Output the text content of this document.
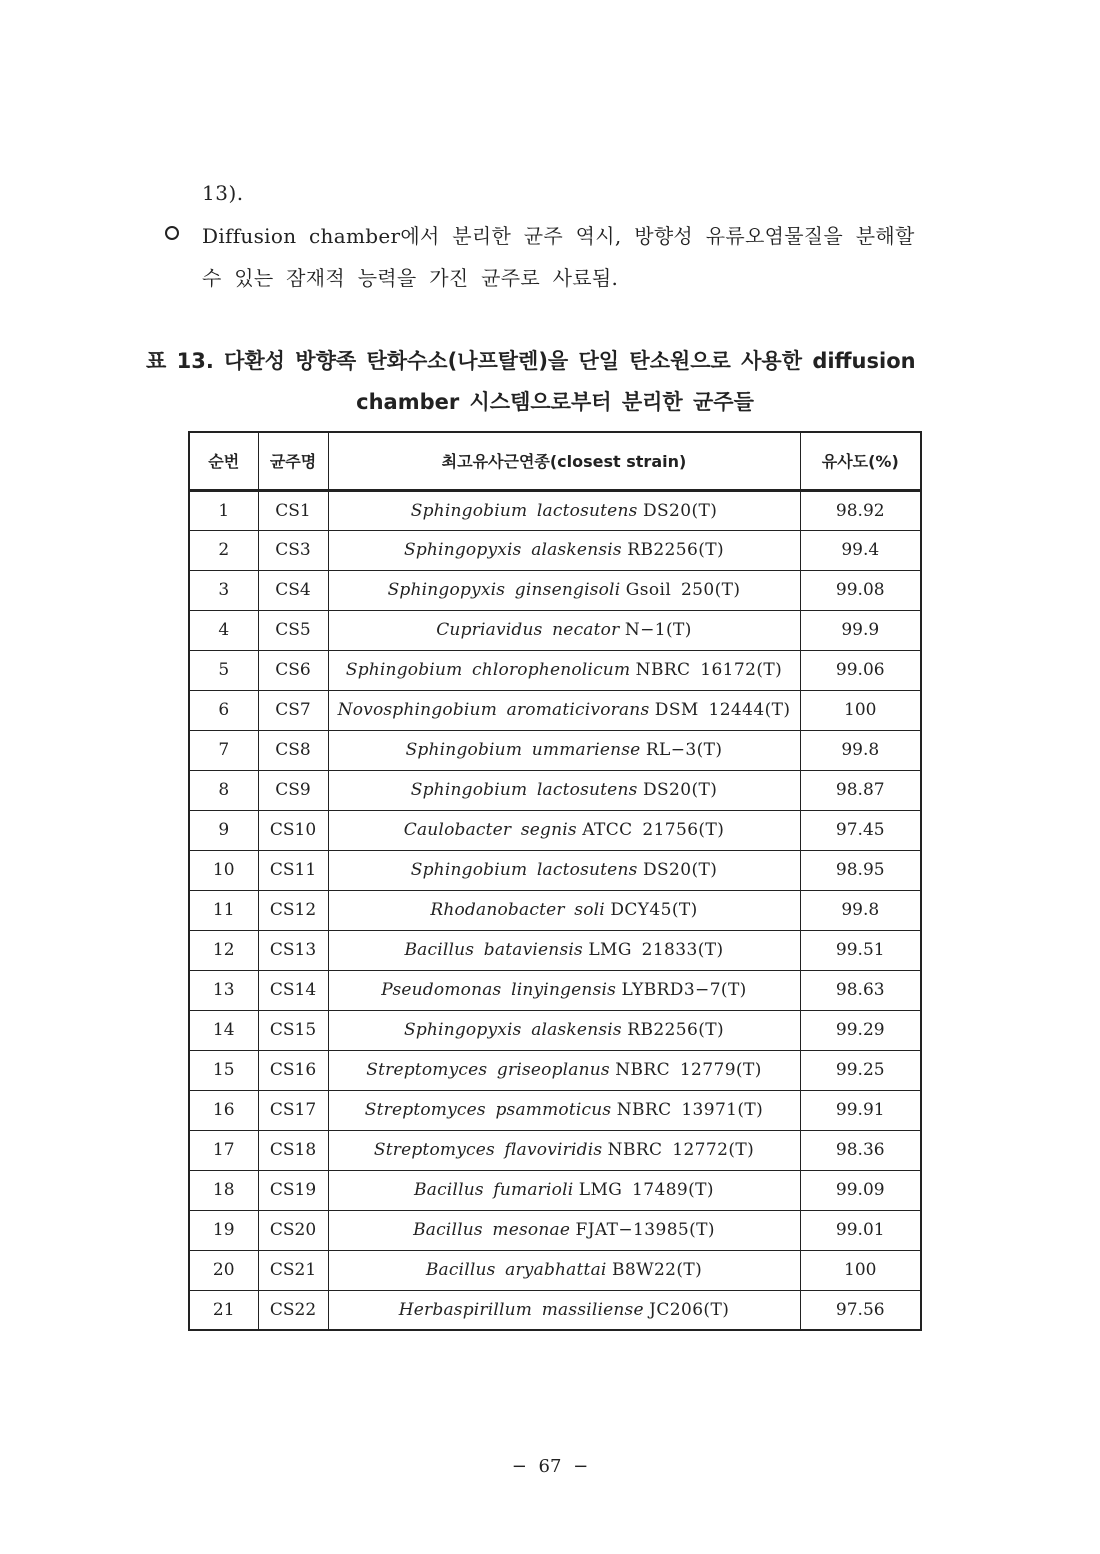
13).
Diffusion chamber에서 분리한 균주 역시, 방향성 유류오염물질을 분해할
수 있는 잠재적 능력을 가진 균주로 사료됨.
표 13. 다환성 방향족 탄화수소(나프탈렌)을 단일 탄소원으로 사용한 diffusion
chamber 시스템으로부터 분리한 균주들
순번	균주명	최고유사근연종(closest strain)	유사도(%)
1	CS1	Sphingobium lactosutens DS20(T)	98.92
2	CS3	Sphingopyxis alaskensis RB2256(T)	99.4
3	CS4	Sphingopyxis ginsengisoli Gsoil 250(T)	99.08
4	CS5	Cupriavidus necator N−1(T)	99.9
5	CS6	Sphingobium chlorophenolicum NBRC 16172(T)	99.06
6	CS7	Novosphingobium aromaticivorans DSM 12444(T)	100
7	CS8	Sphingobium ummariense RL−3(T)	99.8
8	CS9	Sphingobium lactosutens DS20(T)	98.87
9	CS10	Caulobacter segnis ATCC 21756(T)	97.45
10	CS11	Sphingobium lactosutens DS20(T)	98.95
11	CS12	Rhodanobacter soli DCY45(T)	99.8
12	CS13	Bacillus bataviensis LMG 21833(T)	99.51
13	CS14	Pseudomonas linyingensis LYBRD3−7(T)	98.63
14	CS15	Sphingopyxis alaskensis RB2256(T)	99.29
15	CS16	Streptomyces griseoplanus NBRC 12779(T)	99.25
16	CS17	Streptomyces psammoticus NBRC 13971(T)	99.91
17	CS18	Streptomyces flavoviridis NBRC 12772(T)	98.36
18	CS19	Bacillus fumarioli LMG 17489(T)	99.09
19	CS20	Bacillus mesonae FJAT−13985(T)	99.01
20	CS21	Bacillus aryabhattai B8W22(T)	100
21	CS22	Herbaspirillum massiliense JC206(T)	97.56
− 67 −
